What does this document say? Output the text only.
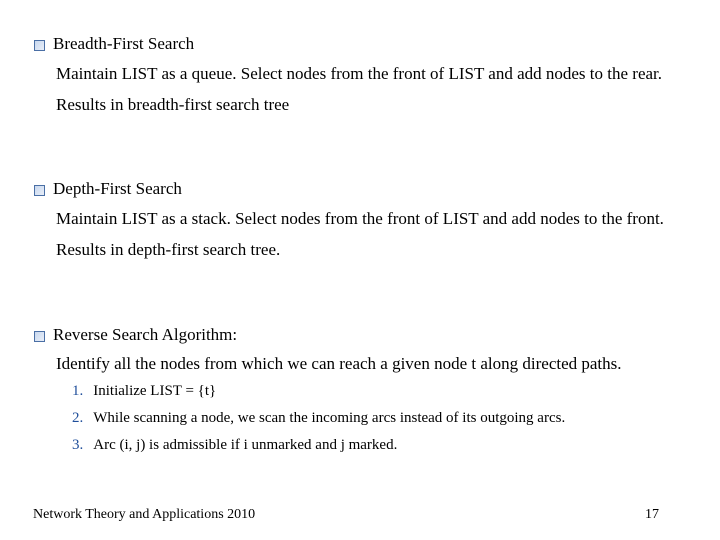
Breadth-First Search
Maintain LIST as a queue. Select nodes from the front of LIST and add nodes to the rear.
Results in breadth-first search tree
Depth-First Search
Maintain LIST as a stack. Select nodes from the front of LIST and add nodes to the front.
Results in depth-first search tree.
Reverse Search Algorithm:
Identify all the nodes from which we can reach a given node t along directed paths.
1. Initialize LIST = {t}
2. While scanning a node, we scan the incoming arcs instead of its outgoing arcs.
3. Arc (i, j) is admissible if i unmarked and j marked.
Network Theory and Applications 2010	17
